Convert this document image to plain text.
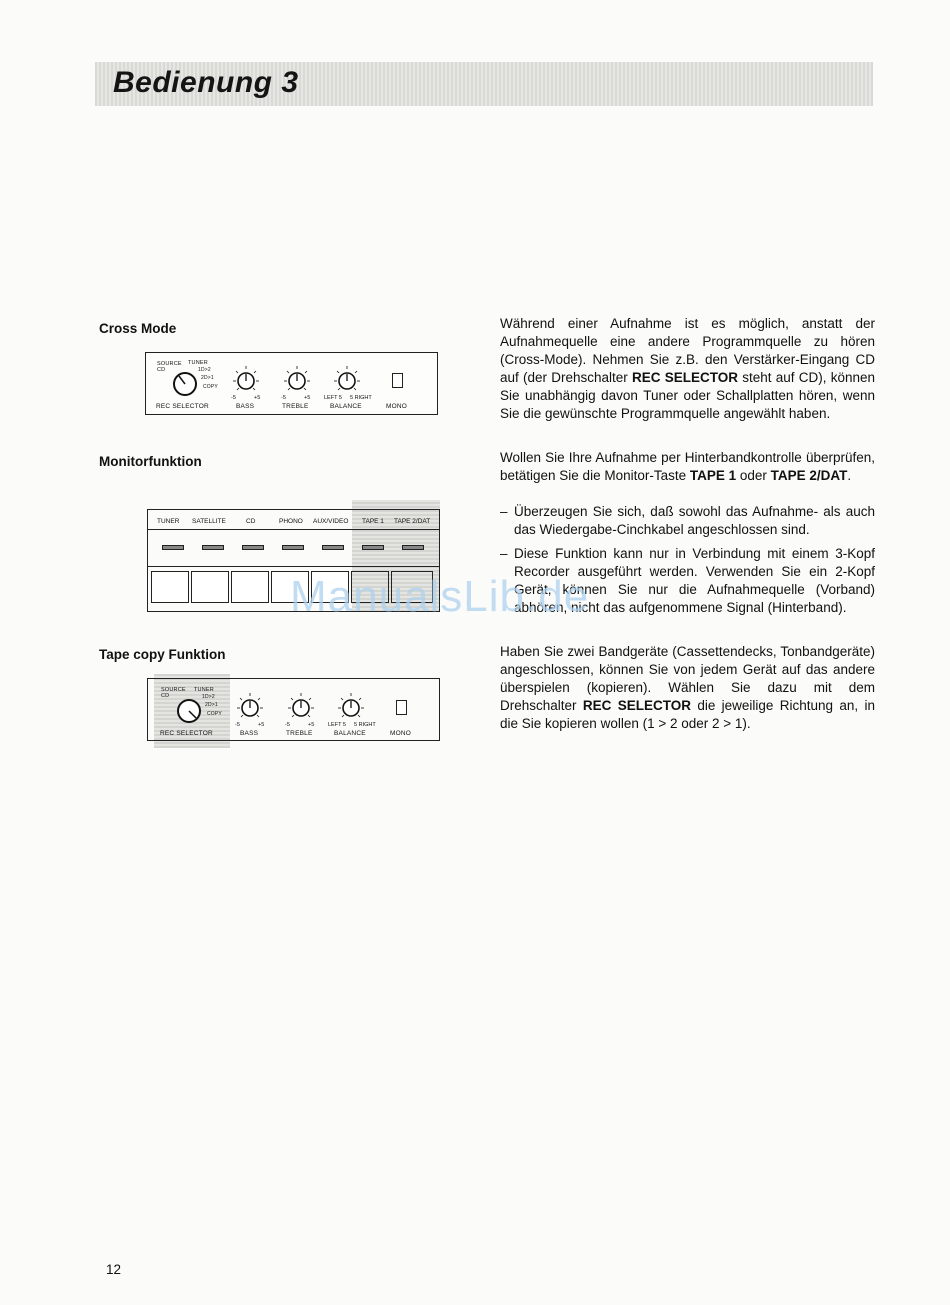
Bedienung 3
Cross Mode
SOURCE
CD
TUNER
1D>2
2D>1
COPY
-5	+5	-5	+5 LEFT 5 5 RIGHT
REC SELECTOR	BASS	TREBLE	BALANCE	MONO

Während einer Aufnahme ist es möglich, anstatt der Aufnahmequelle eine andere Programmquelle zu hören (Cross-Mode). Nehmen Sie z.B. den Verstärker-Eingang CD auf (der Drehschalter REC SELECTOR steht auf CD), können Sie unabhängig davon Tuner oder Schallplatten hören, wenn Sie die gewünschte Programmquelle angewählt haben.

Monitorfunktion
TUNER SATELLITE	CD	PHONO AUX/VIDEO TAPE 1 TAPE 2/DAT

Wollen Sie Ihre Aufnahme per Hinterbandkontrolle überprüfen, betätigen Sie die Monitor-Taste TAPE 1 oder TAPE 2/DAT.

– Überzeugen Sie sich, daß sowohl das Aufnahme- als auch das Wiedergabe-Cinchkabel angeschlossen sind.
– Diese Funktion kann nur in Verbindung mit einem 3-Kopf Recorder ausgeführt werden. Verwenden Sie ein 2-Kopf Gerät, können Sie nur die Aufnahmequelle (Vorband) abhören, nicht das aufgenommene Signal (Hinterband).
ManualsLib.de
Tape copy Funktion
SOURCE
CD
TUNER
1D>2
2D>1
COPY
-5	+5	-5	+5 LEFT 5 5 RIGHT
REC SELECTOR	BASS	TREBLE	BALANCE	MONO

Haben Sie zwei Bandgeräte (Cassettendecks, Tonbandgeräte) angeschlossen, können Sie von jedem Gerät auf das andere überspielen (kopieren). Wählen Sie dazu mit dem Drehschalter REC SELECTOR die jeweilige Richtung an, in die Sie kopieren wollen (1 > 2 oder 2 > 1).

12
